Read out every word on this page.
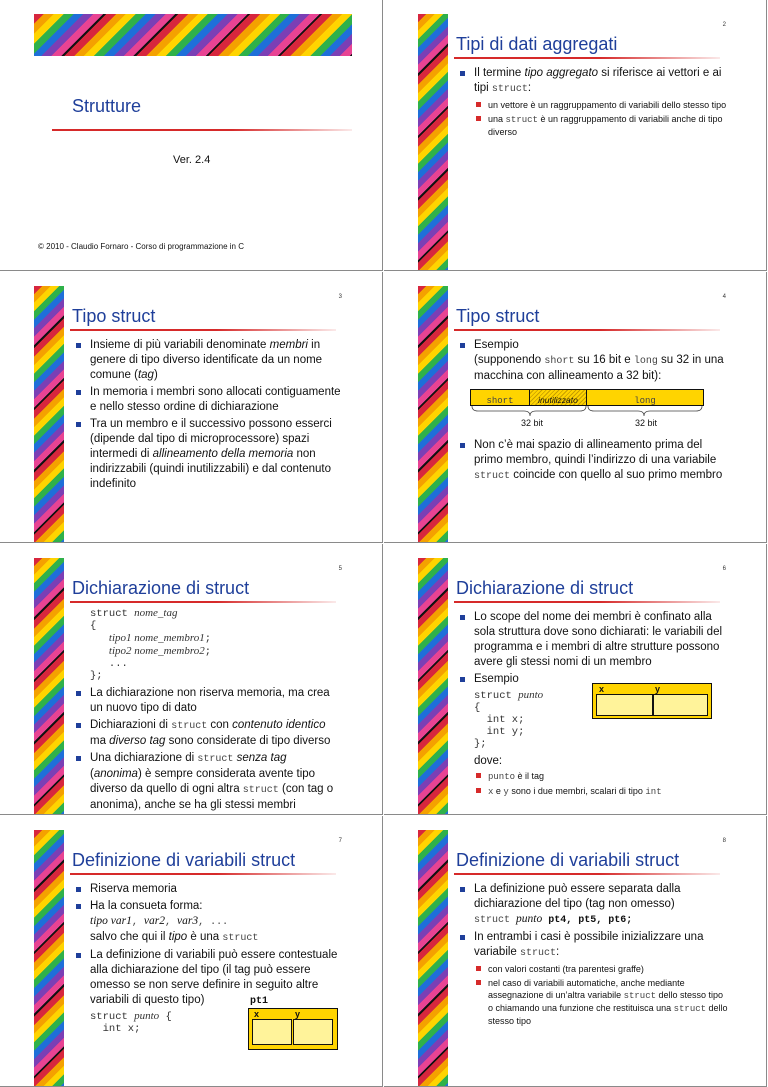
Strutture
Ver. 2.4
© 2010 - Claudio Fornaro - Corso di programmazione in C
2
Tipi di dati aggregati
Il termine tipo aggregato si riferisce ai vettori e ai tipi struct:
un vettore è un raggruppamento di variabili dello stesso tipo
una struct è un raggruppamento di variabili anche di tipo diverso
3
Tipo struct
Insieme di più variabili denominate membri in genere di tipo diverso identificate da un nome comune (tag)
In memoria i membri sono allocati contiguamente e nello stesso ordine di dichiarazione
Tra un membro e il successivo possono esserci (dipende dal tipo di microprocessore) spazi intermedi di allineamento della memoria non indirizzabili (quindi inutilizzabili) e dal contenuto indefinito
4
Tipo struct
Esempio
(supponendo short su 16 bit e long su 32 in una macchina con allineamento a 32 bit):
short	inutilizzato	long
32 bit	32 bit
Non c’è mai spazio di allineamento prima del primo membro, quindi l’indirizzo di una variabile struct coincide con quello al suo primo membro
5
Dichiarazione di struct
struct nome_tag
{
tipo1 nome_membro1;
tipo2 nome_membro2;
...
};
La dichiarazione non riserva memoria, ma crea un nuovo tipo di dato
Dichiarazioni di struct con contenuto identico ma diverso tag sono considerate di tipo diverso
Una dichiarazione di struct senza tag
(anonima) è sempre considerata avente tipo diverso da quello di ogni altra struct (con tag o anonima), anche se ha gli stessi membri
6
Dichiarazione di struct
Lo scope del nome dei membri è confinato alla sola struttura dove sono dichiarati: le variabili del programma e i membri di altre strutture possono avere gli stessi nomi di un membro
Esempio
struct punto
{
int x;
int y;
};
dove:
punto è il tag
x e y sono i due membri, scalari di tipo int
x	y
7
Definizione di variabili struct
Riserva memoria
Ha la consueta forma:
tipo var1, var2, var3, ...
salvo che qui il tipo è una struct
La definizione di variabili può essere contestuale alla dichiarazione del tipo (il tag può essere omesso se non serve definire in seguito altre variabili di questo tipo)
struct punto {
int x;
pt1
x	y
8
Definizione di variabili struct
La definizione può essere separata dalla dichiarazione del tipo (tag non omesso)
struct punto pt4, pt5, pt6;
In entrambi i casi è possibile inizializzare una variabile struct:
con valori costanti (tra parentesi graffe)
nel caso di variabili automatiche, anche mediante assegnazione di un’altra variabile struct dello stesso tipo o chiamando una funzione che restituisca una struct dello stesso tipo
